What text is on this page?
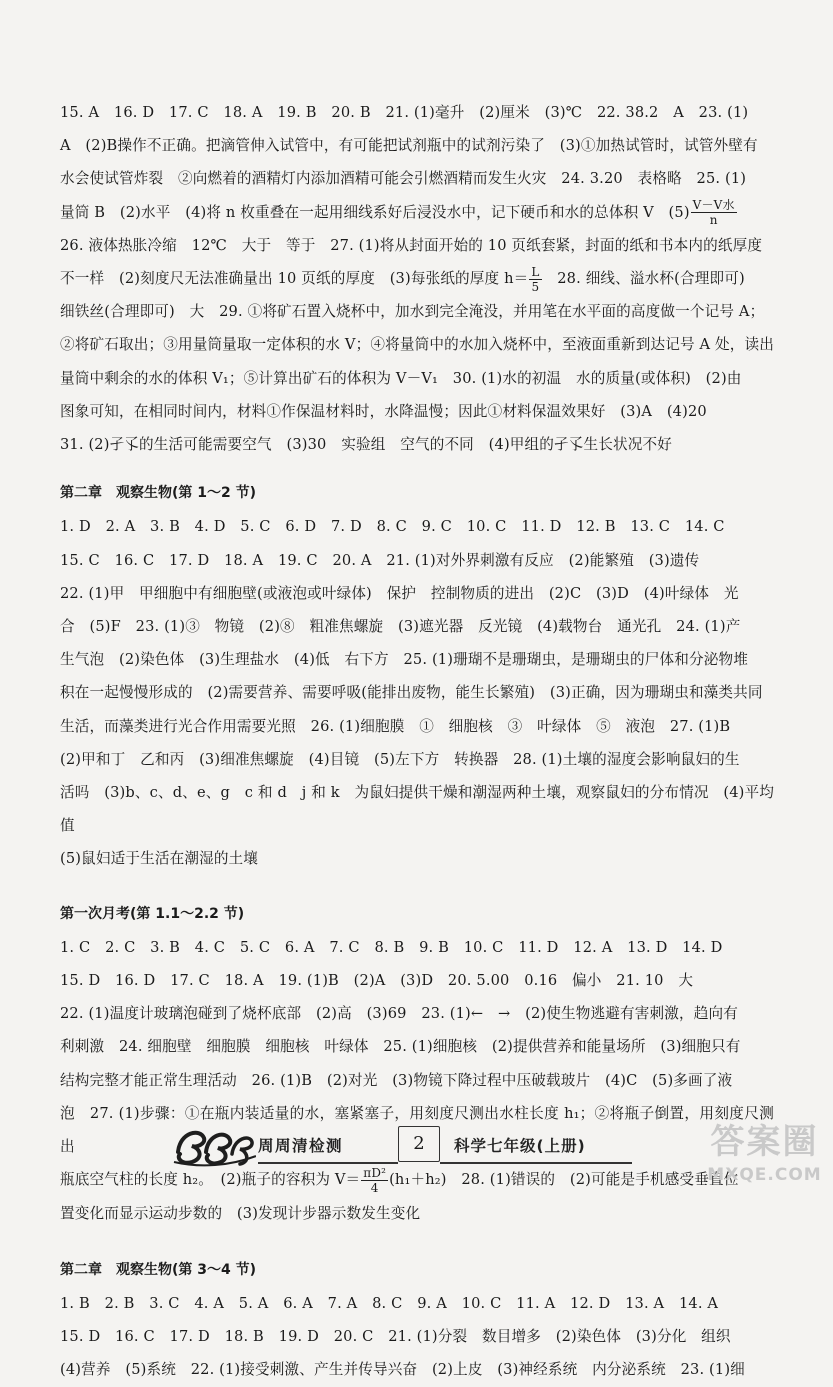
15. A　16. D　17. C　18. A　19. B　20. B　21. (1)毫升　(2)厘米　(3)℃　22. 38.2　A　23. (1)

A　(2)B操作不正确。把滴管伸入试管中，有可能把试剂瓶中的试剂污染了　(3)①加热试管时，试管外壁有

水会使试管炸裂　②向燃着的酒精灯内添加酒精可能会引燃酒精而发生火灾　24. 3.20　表格略　25. (1)

量筒 B　(2)水平　(4)将 n 枚重叠在一起用细线系好后浸没水中，记下硬币和水的总体积 V　$(5) \frac{\text{V－V水}}{n}$

26. 液体热胀冷缩　12℃　大于　等于　27. (1)将从封面开始的 10 页纸套紧，封面的纸和书本内的纸厚度

不一样　(2)刻度尺无法准确量出 10 页纸的厚度　(3)每张纸的厚度 $h= \frac{L}{5}$ 　28. 细线、溢水杯(合理即可)

细铁丝(合理即可)　大　29. ①将矿石置入烧杯中，加水到完全淹没，并用笔在水平面的高度做一个记号 A；

②将矿石取出；③用量筒量取一定体积的水 V；④将量筒中的水加入烧杯中，至液面重新到达记号 A 处，读出

量筒中剩余的水的体积 V₁；⑤计算出矿石的体积为 V－V₁　30. (1)水的初温　水的质量(或体积)　(2)由

图象可知，在相同时间内，材料①作保温材料时，水降温慢；因此①材料保温效果好　(3)A　(4)20

31. (2)孑孓的生活可能需要空气　(3)30　实验组　空气的不同　(4)甲组的孑孓生长状况不好

第二章　观察生物(第 1～2 节)

1. D　2. A　3. B　4. D　5. C　6. D　7. D　8. C　9. C　10. C　11. D　12. B　13. C　14. C

15. C　16. C　17. D　18. A　19. C　20. A　21. (1)对外界刺激有反应　(2)能繁殖　(3)遗传

22. (1)甲　甲细胞中有细胞壁(或液泡或叶绿体)　保护　控制物质的进出　(2)C　(3)D　(4)叶绿体　光

合　(5)F　23. (1)③　物镜　(2)⑧　粗准焦螺旋　(3)遮光器　反光镜　(4)载物台　通光孔　24. (1)产

生气泡　(2)染色体　(3)生理盐水　(4)低　右下方　25. (1)珊瑚不是珊瑚虫，是珊瑚虫的尸体和分泌物堆

积在一起慢慢形成的　(2)需要营养、需要呼吸(能排出废物，能生长繁殖)　(3)正确，因为珊瑚虫和藻类共同

生活，而藻类进行光合作用需要光照　26. (1)细胞膜　①　细胞核　③　叶绿体　⑤　液泡　27. (1)B

(2)甲和丁　乙和丙　(3)细准焦螺旋　(4)目镜　(5)左下方　转换器　28. (1)土壤的湿度会影响鼠妇的生

活吗　(3)b、c、d、e、g　c 和 d　j 和 k　为鼠妇提供干燥和潮湿两种土壤，观察鼠妇的分布情况　(4)平均值

(5)鼠妇适于生活在潮湿的土壤

第一次月考(第 1.1～2.2 节)

1. C　2. C　3. B　4. C　5. C　6. A　7. C　8. B　9. B　10. C　11. D　12. A　13. D　14. D

15. D　16. D　17. C　18. A　19. (1)B　(2)A　(3)D　20. 5.00　0.16　偏小　21. 10　大

22. (1)温度计玻璃泡碰到了烧杯底部　(2)高　(3)69　23. (1)←　→　(2)使生物逃避有害刺激，趋向有

利刺激　24. 细胞壁　细胞膜　细胞核　叶绿体　25. (1)细胞核　(2)提供营养和能量场所　(3)细胞只有

结构完整才能正常生理活动　26. (1)B　(2)对光　(3)物镜下降过程中压破载玻片　(4)C　(5)多画了液

泡　27. (1)步骤：①在瓶内装适量的水，塞紧塞子，用刻度尺测出水柱长度 h₁；②将瓶子倒置，用刻度尺测出

瓶底空气柱的长度 h₂。　(2)瓶子的容积为 $V= \frac{\text{πD²}}{4} (h_1+h_2)$　28. (1)错误的　(2)可能是手机感受垂直位

置变化而显示运动步数的　(3)发现计步器示数发生变化

第二章　观察生物(第 3～4 节)

1. B　2. B　3. C　4. A　5. A　6. A　7. A　8. C　9. A　10. C　11. A　12. D　13. A　14. A

15. D　16. C　17. D　18. B　19. D　20. C　21. (1)分裂　数目增多　(2)染色体　(3)分化　组织

(4)营养　(5)系统　22. (1)接受刺激、产生并传导兴奋　(2)上皮　(3)神经系统　内分泌系统　23. (1)细

周周清检测	2	科学七年级(上册)	答案圈
MXQE.COM
